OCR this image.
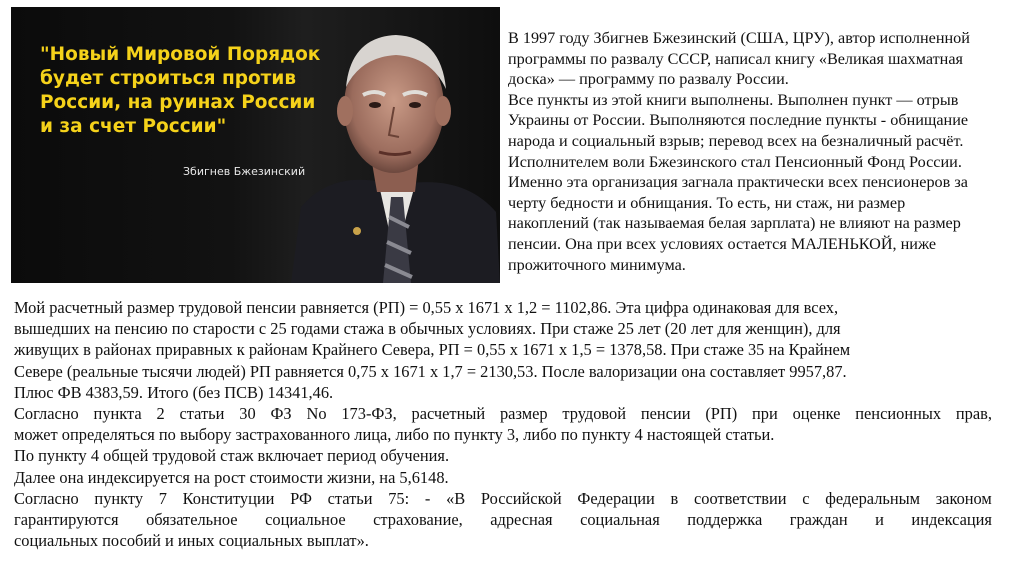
"Новый Мировой Порядок
будет строиться против
России, на руинах России
и за счет России"
Збигнев Бжезинский
В 1997 году Збигнев Бжезинский (США, ЦРУ), автор исполненной
программы по развалу СССР, написал книгу «Великая шахматная
доска» — программу по развалу России.
Все пункты из этой книги выполнены. Выполнен пункт — отрыв
Украины от России. Выполняются последние пункты - обнищание
народа и социальный взрыв; перевод всех на безналичный расчёт.
Исполнителем воли Бжезинского стал Пенсионный Фонд России.
Именно эта организация загнала практически всех пенсионеров за
черту бедности и обнищания. То есть, ни стаж, ни размер
накоплений (так называемая белая зарплата) не влияют на размер
пенсии. Она при всех условиях остается МАЛЕНЬКОЙ, ниже
прожиточного минимума.
Мой расчетный размер трудовой пенсии равняется (РП) = 0,55 х 1671 х 1,2 = 1102,86. Эта цифра одинаковая для всех,
вышедших на пенсию по старости с 25 годами стажа в обычных условиях. При стаже 25 лет (20 лет для женщин), для
живущих в районах приравных к районам Крайнего Севера, РП = 0,55 х 1671 х 1,5 = 1378,58. При стаже 35 на Крайнем
Севере (реальные тысячи людей) РП равняется 0,75 х 1671 х 1,7 = 2130,53. После валоризации она составляет 9957,87.
Плюс ФВ 4383,59. Итого (без ПСВ) 14341,46.
Согласно пункта 2 статьи 30 ФЗ No 173-ФЗ, расчетный размер трудовой пенсии (РП) при оценке пенсионных прав,
может определяться по выбору застрахованного лица, либо по пункту 3, либо по пункту 4 настоящей статьи.
По пункту 4 общей трудовой стаж включает период обучения.
Далее она индексируется на рост стоимости жизни, на 5,6148.
Согласно пункту 7 Конституции РФ статьи 75: - «В Российской Федерации в соответствии с федеральным законом
гарантируются обязательное социальное страхование, адресная социальная поддержка граждан и индексация
социальных пособий и иных социальных выплат».
